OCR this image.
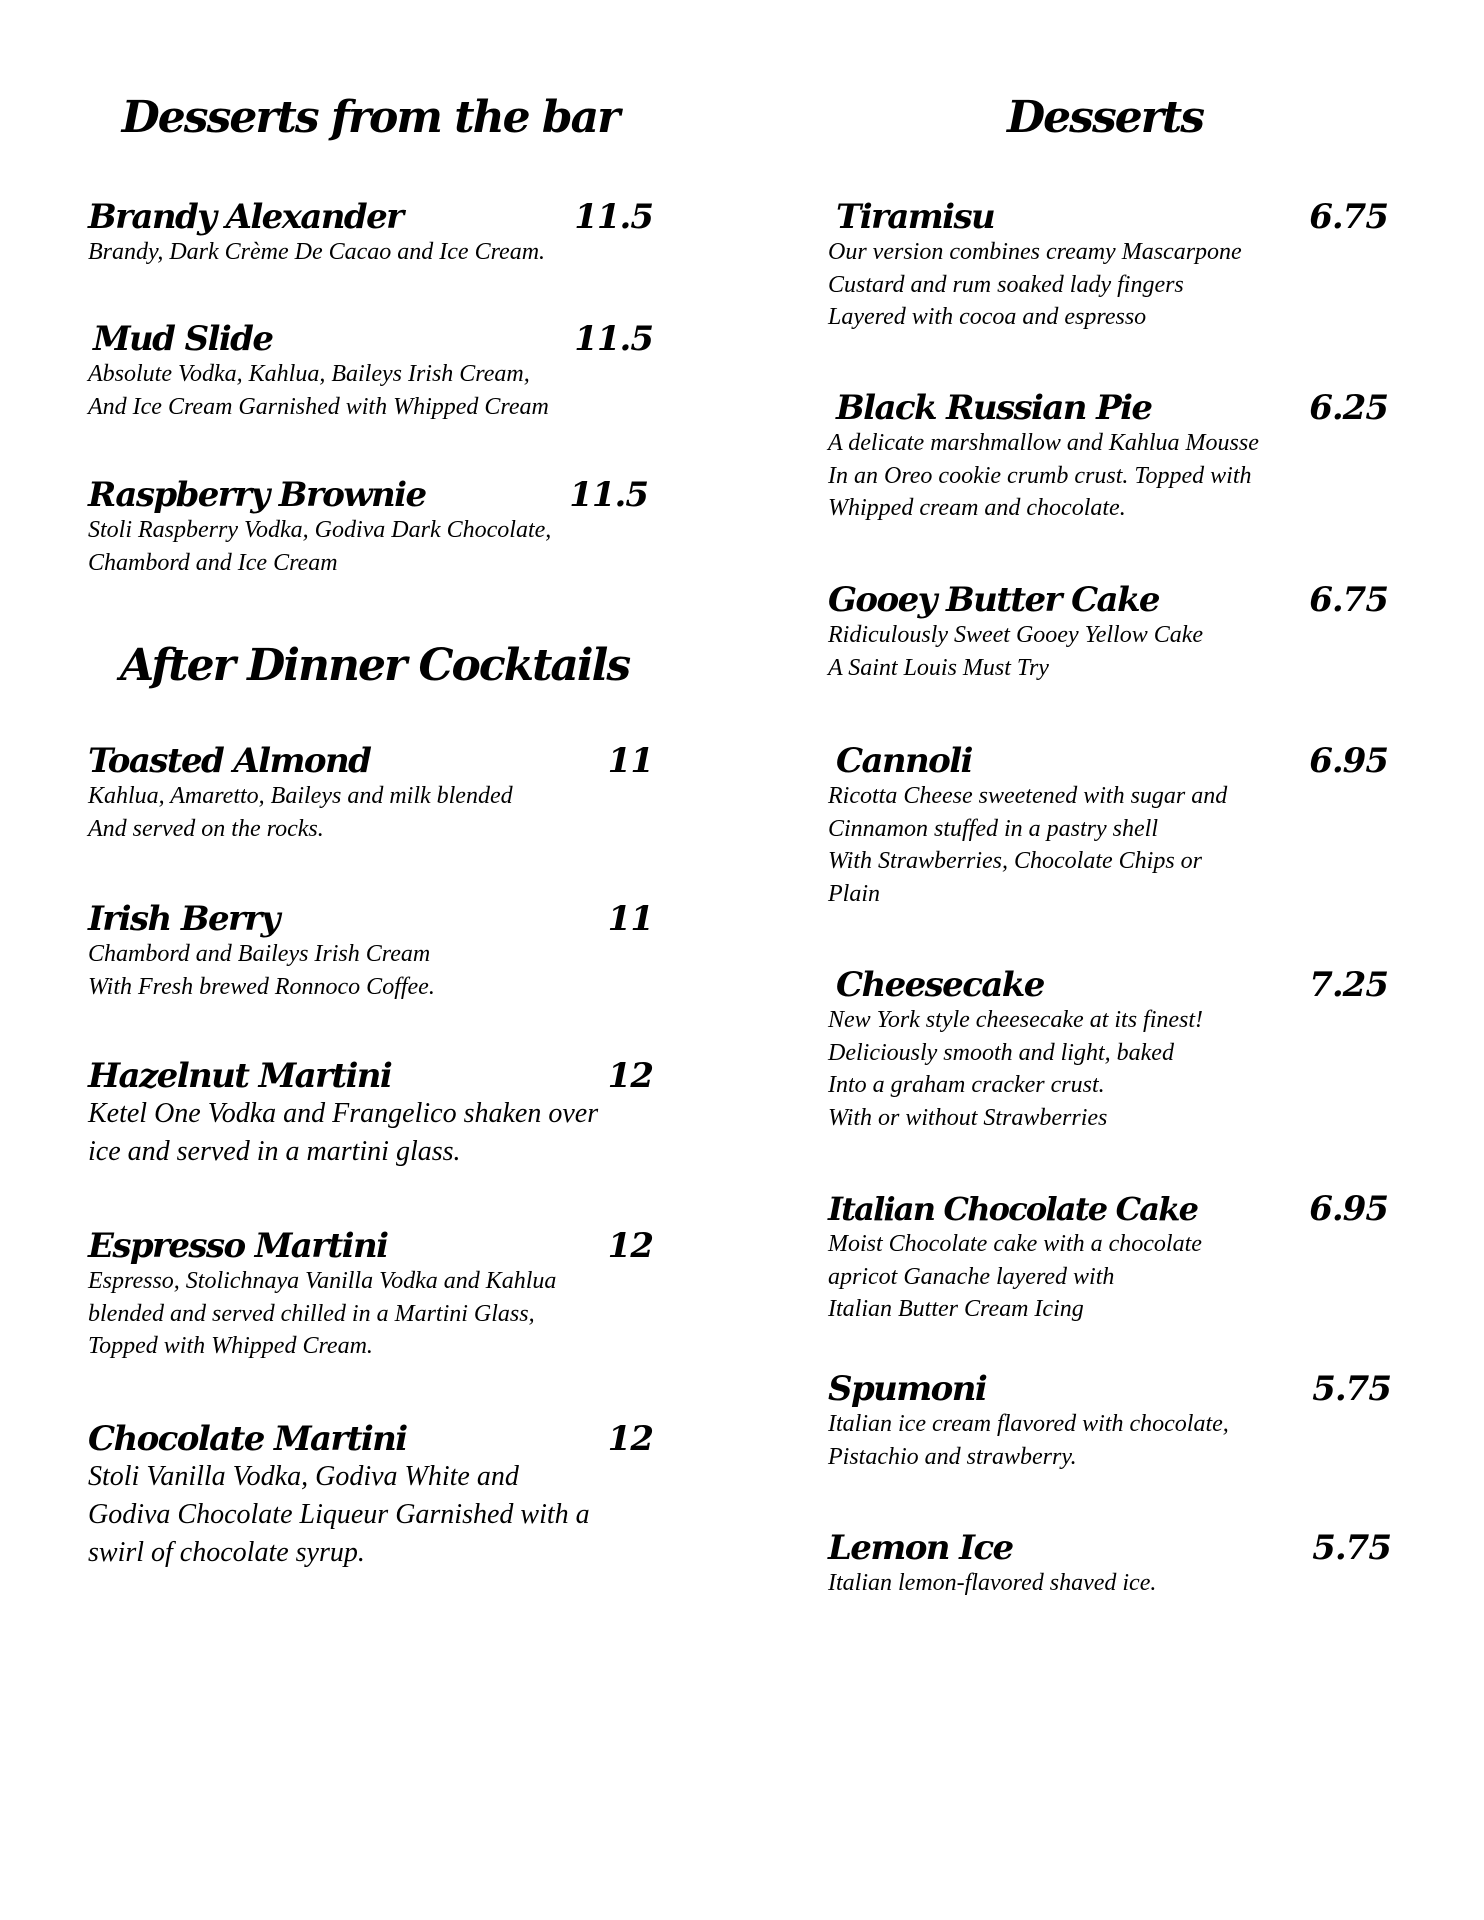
Desserts from the bar
Brandy Alexander	11.5

Brandy, Dark Crème De Cacao and Ice Cream.

Mud Slide	11.5

Absolute Vodka, Kahlua, Baileys Irish Cream,
And Ice Cream Garnished with Whipped Cream

Raspberry Brownie	11.5

Stoli Raspberry Vodka, Godiva Dark Chocolate,
Chambord and Ice Cream

After Dinner Cocktails
Toasted Almond	11

Kahlua, Amaretto, Baileys and milk blended
And served on the rocks.

Irish Berry	11

Chambord and Baileys Irish Cream
With Fresh brewed Ronnoco Coffee.

Hazelnut Martini	12

Ketel One Vodka and Frangelico shaken over
ice and served in a martini glass.

Espresso Martini	12

Espresso, Stolichnaya Vanilla Vodka and Kahlua
blended and served chilled in a Martini Glass,
Topped with Whipped Cream.

Chocolate Martini	12

Stoli Vanilla Vodka, Godiva White and
Godiva Chocolate Liqueur Garnished with a
swirl of chocolate syrup.

Desserts
Tiramisu	6.75

Our version combines creamy Mascarpone
Custard and rum soaked lady fingers
Layered with cocoa and espresso

Black Russian Pie	6.25

A delicate marshmallow and Kahlua Mousse
In an Oreo cookie crumb crust. Topped with
Whipped cream and chocolate.

Gooey Butter Cake	6.75

Ridiculously Sweet Gooey Yellow Cake
A Saint Louis Must Try

Cannoli	6.95

Ricotta Cheese sweetened with sugar and
Cinnamon stuffed in a pastry shell
With Strawberries, Chocolate Chips or
Plain

Cheesecake	7.25

New York style cheesecake at its finest!
Deliciously smooth and light, baked
Into a graham cracker crust.
With or without Strawberries

Italian Chocolate Cake	6.95

Moist Chocolate cake with a chocolate
apricot Ganache layered with
Italian Butter Cream Icing

Spumoni	5.75

Italian ice cream flavored with chocolate,
Pistachio and strawberry.

Lemon Ice	5.75

Italian lemon-flavored shaved ice.
